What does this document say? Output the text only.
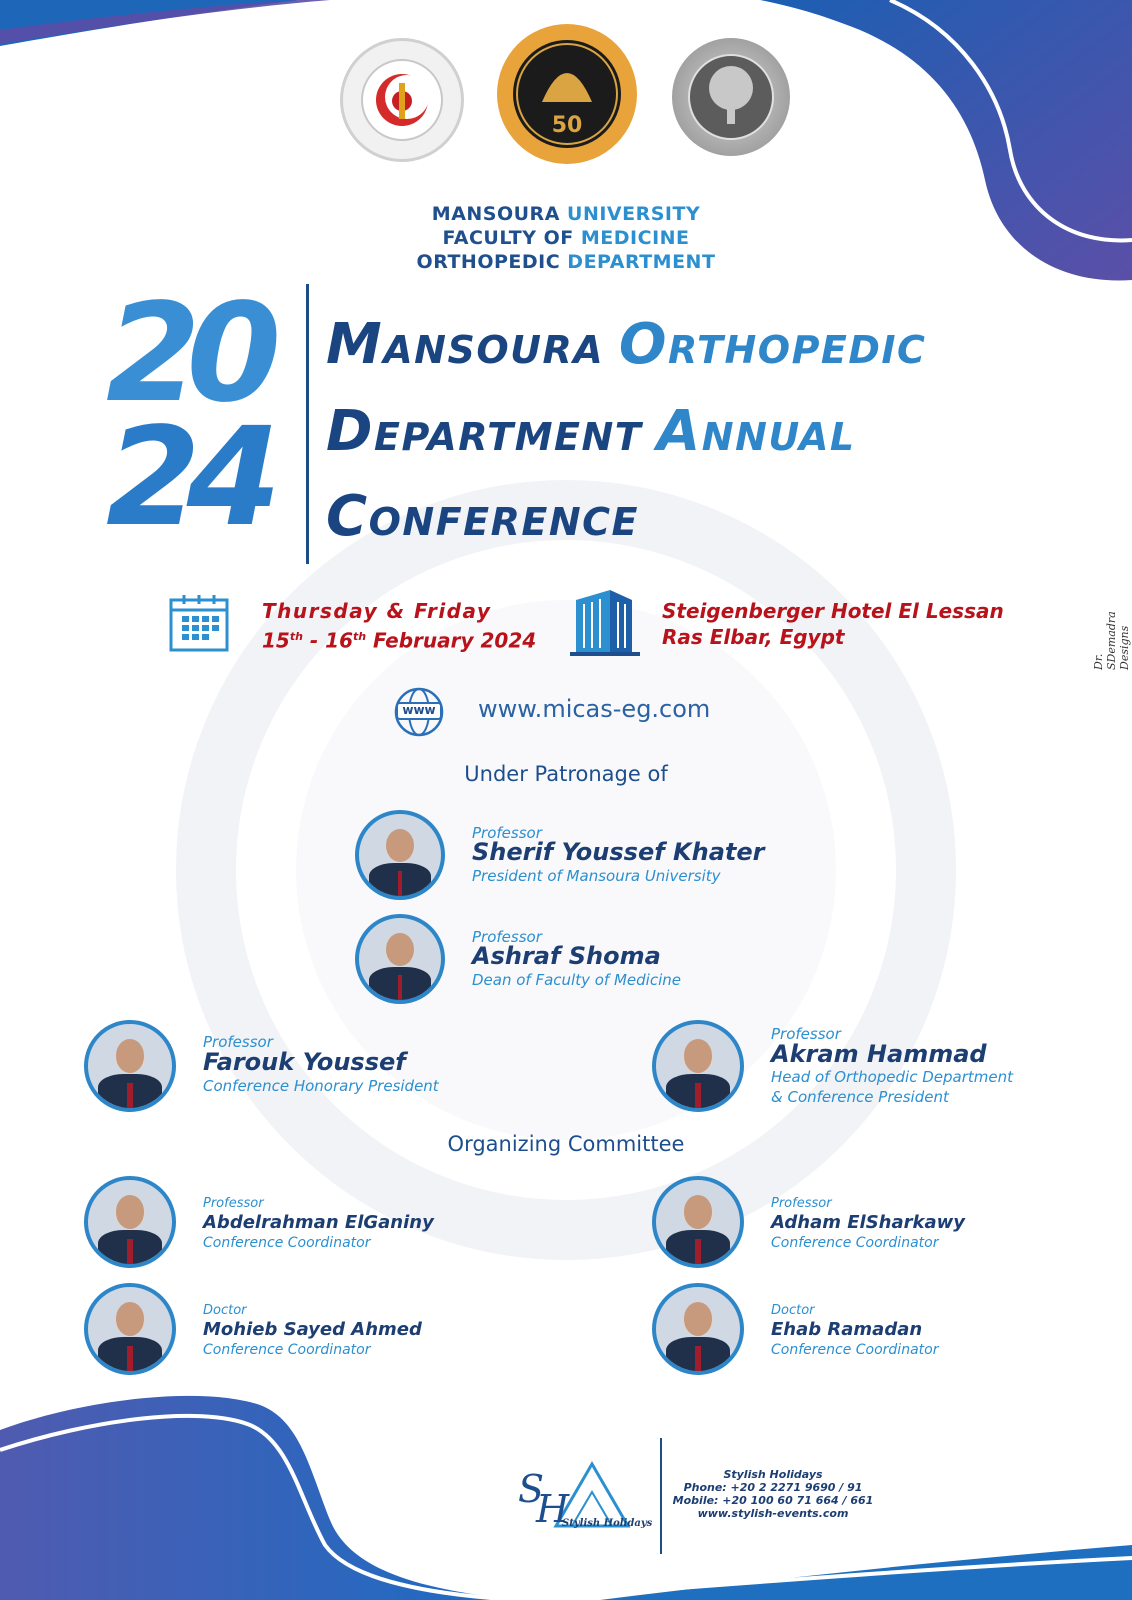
50
MANSOURA UNIVERSITY
FACULTY OF MEDICINE
ORTHOPEDIC DEPARTMENT
20
24
MANSOURA ORTHOPEDIC
DEPARTMENT ANNUAL
CONFERENCE
Thursday & Friday
15th - 16th February 2024
Steigenberger Hotel El Lessan
Ras Elbar, Egypt
www	www.micas-eg.com
Under Patronage of
Professor
Sherif Youssef Khater
President of Mansoura University
Professor
Ashraf Shoma
Dean of Faculty of Medicine
Professor
Farouk Youssef
Conference Honorary President
Professor
Akram Hammad
Head of Orthopedic Department
& Conference President
Organizing Committee
Professor
Abdelrahman ElGaniny
Conference Coordinator
Professor
Adham ElSharkawy
Conference Coordinator
Doctor
Mohieb Sayed Ahmed
Conference Coordinator
Doctor
Ehab Ramadan
Conference Coordinator
S
H
Stylish Holidays
Stylish Holidays
Phone: +20 2 2271 9690 / 91
Mobile: +20 100 60 71 664 / 661
www.stylish-events.com
Dr. SDemadra Designs
